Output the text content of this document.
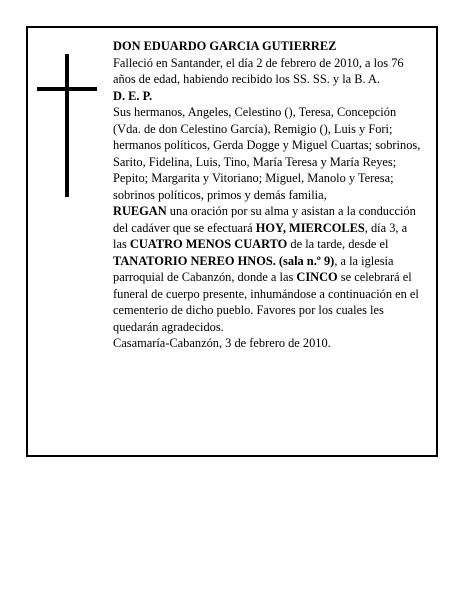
DON EDUARDO GARCIA GUTIERREZ

Falleció en Santander, el día 2 de febrero de 2010, a los 76 años de edad, habiendo recibido los SS. SS. y la B. A.

D. E. P.

Sus hermanos, Angeles, Celestino (), Teresa, Concepción (Vda. de don Celestino García), Remigio (), Luis y Fori; hermanos políticos, Gerda Dogge y Miguel Cuartas; sobrinos, Sarito, Fidelina, Luis, Tino, María Teresa y María Reyes; Pepito; Margarita y Vitoriano; Miguel, Manolo y Teresa; sobrinos políticos, primos y demás familia,

RUEGAN una oración por su alma y asistan a la conducción del cadáver que se efectuará HOY, MIERCOLES, día 3, a las CUATRO MENOS CUARTO de la tarde, desde el TANATORIO NEREO HNOS. (sala n.º 9), a la iglesia parroquial de Cabanzón, donde a las CINCO se celebrará el funeral de cuerpo presente, inhumándose a continuación en el cementerio de dicho pueblo. Favores por los cuales les quedarán agradecidos.

Casamaría-Cabanzón, 3 de febrero de 2010.
